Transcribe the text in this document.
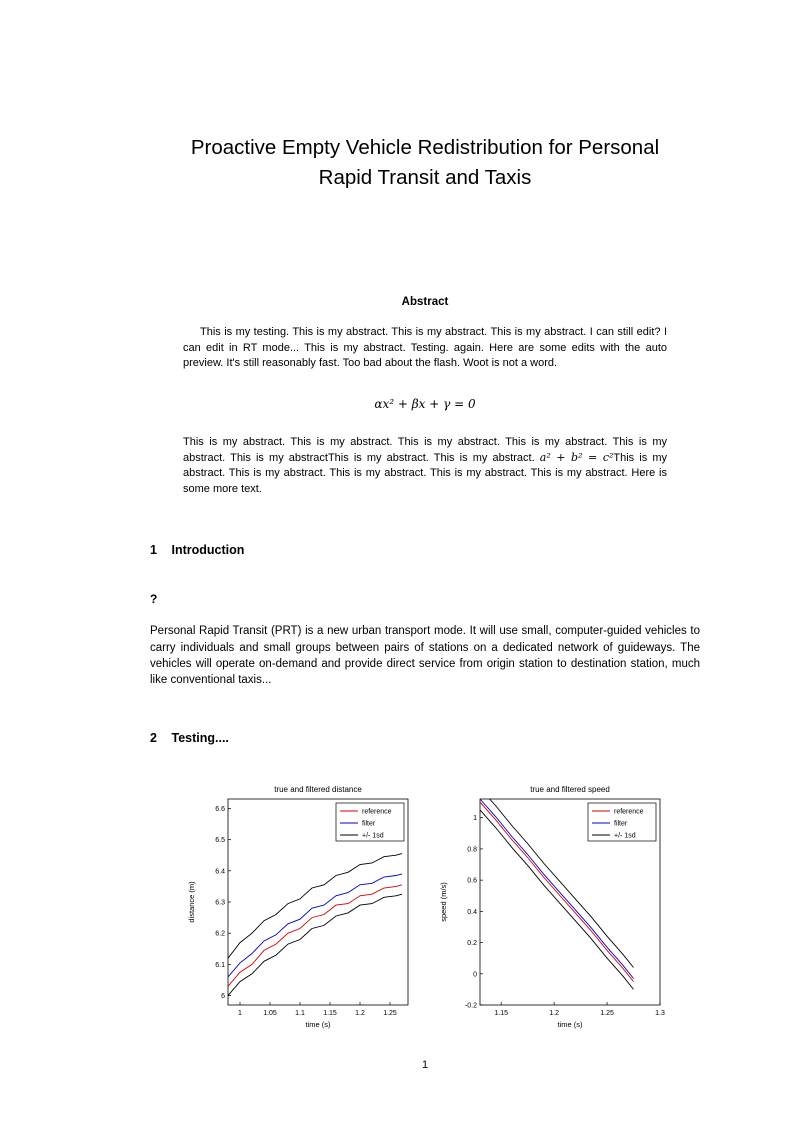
Proactive Empty Vehicle Redistribution for Personal
Rapid Transit and Taxis
Abstract

This is my testing. This is my abstract. This is my abstract. This is my abstract. I can still edit? I can edit in RT mode... This is my abstract. Testing. again. Here are some edits with the auto preview. It's still reasonably fast. Too bad about the flash. Woot is not a word.

αx² + βx + γ = 0

This is my abstract. This is my abstract. This is my abstract. This is my abstract. This is my abstract. This is my abstractThis is my abstract. This is my abstract. a² + b² = c²This is my abstract. This is my abstract. This is my abstract. This is my abstract. This is my abstract. Here is some more text.

1 Introduction
?

Personal Rapid Transit (PRT) is a new urban transport mode. It will use small, computer-guided vehicles to carry individuals and small groups between pairs of stations on a dedicated network of guideways. The vehicles will operate on-demand and provide direct service from origin station to destination station, much like conventional taxis...

2 Testing....
true and filtered distance
1	1.05	1.1	1.15	1.2	1.25
6
6.1
6.2
6.3
6.4
6.5
6.6
time (s)
distance (m)
reference
filter
+/- 1sd
true and filtered speed
1.15	1.2	1.25	1.3
-0.2
0
0.2
0.4
0.6
0.8
1
time (s)
speed (m/s)
reference
filter
+/- 1sd
1
